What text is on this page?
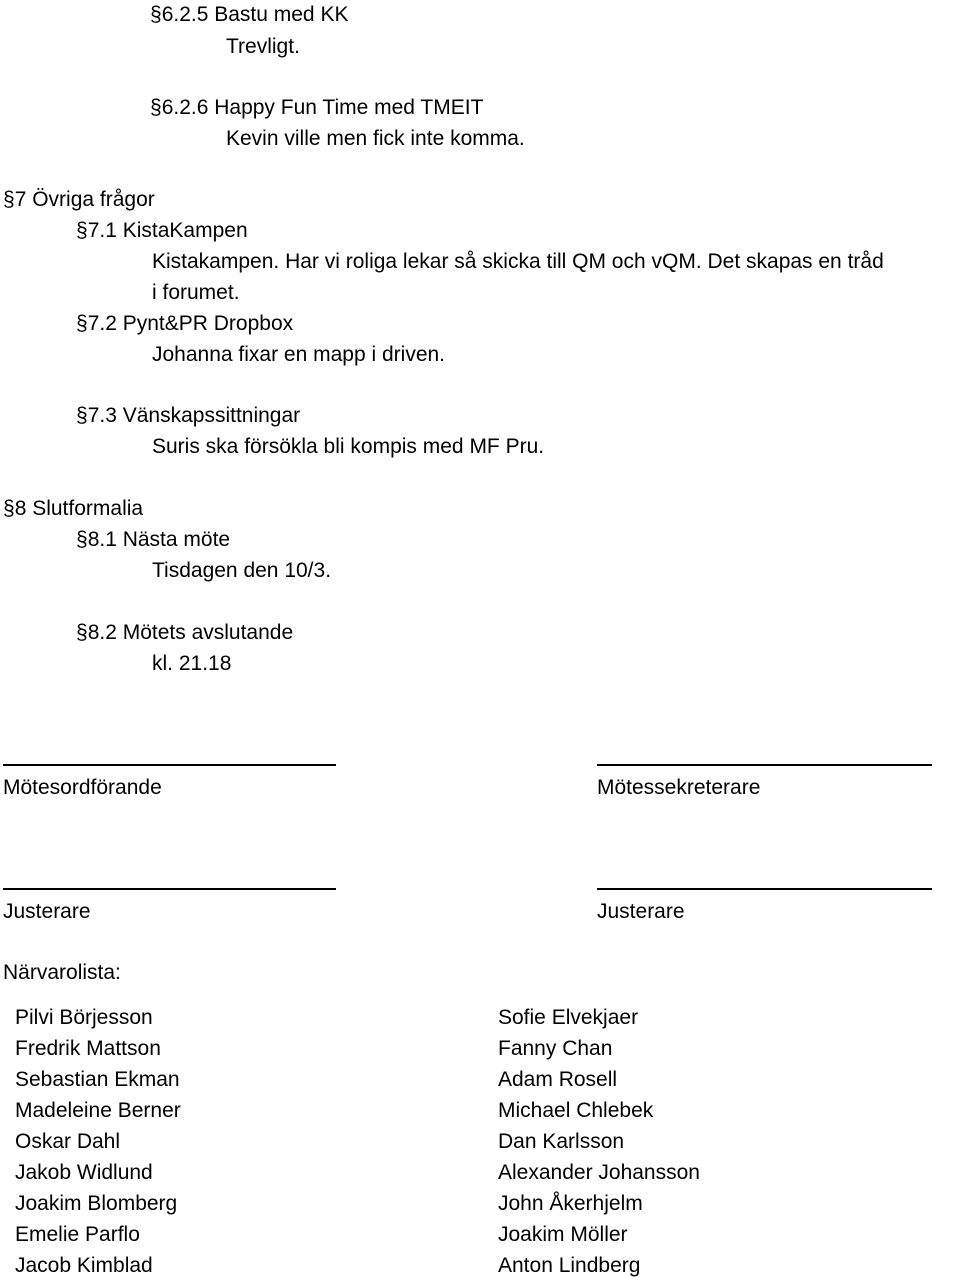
§6.2.5 Bastu med KK

Trevligt.

§6.2.6 Happy Fun Time med TMEIT

Kevin ville men fick inte komma.

§7 Övriga frågor

§7.1 KistaKampen

Kistakampen. Har vi roliga lekar så skicka till QM och vQM. Det skapas en tråd

i forumet.

§7.2 Pynt&PR Dropbox

Johanna fixar en mapp i driven.

§7.3 Vänskapssittningar

Suris ska försökla bli kompis med MF Pru.

§8 Slutformalia

§8.1 Nästa möte

Tisdagen den 10/3.

§8.2 Mötets avslutande

kl. 21.18

Mötesordförande	Mötessekreterare

Justerare	Justerare

Närvarolista:

Pilvi Börjesson

Fredrik Mattson

Sebastian Ekman

Madeleine Berner

Oskar Dahl

Jakob Widlund

Joakim Blomberg

Emelie Parflo

Jacob Kimblad

Sofie Elvekjaer

Fanny Chan

Adam Rosell

Michael Chlebek

Dan Karlsson

Alexander Johansson

John Åkerhjelm

Joakim Möller

Anton Lindberg
